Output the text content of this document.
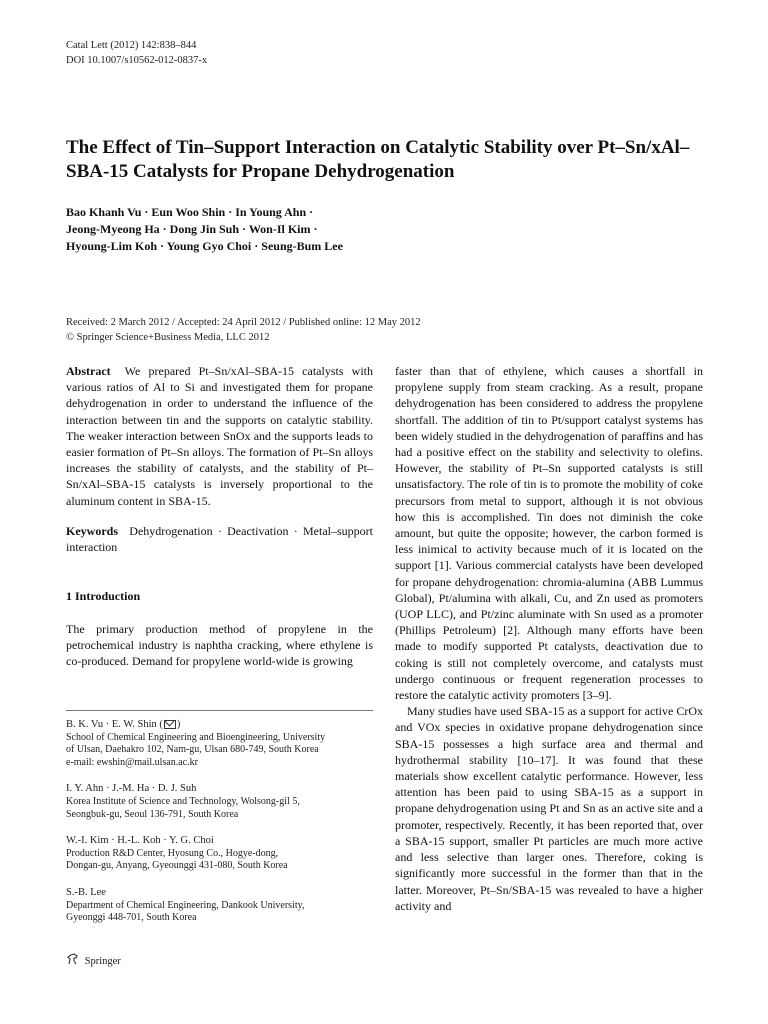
Catal Lett (2012) 142:838–844
DOI 10.1007/s10562-012-0837-x
The Effect of Tin–Support Interaction on Catalytic Stability over Pt–Sn/xAl–SBA-15 Catalysts for Propane Dehydrogenation
Bao Khanh Vu · Eun Woo Shin · In Young Ahn ·
Jeong-Myeong Ha · Dong Jin Suh · Won-Il Kim ·
Hyoung-Lim Koh · Young Gyo Choi · Seung-Bum Lee
Received: 2 March 2012 / Accepted: 24 April 2012 / Published online: 12 May 2012
© Springer Science+Business Media, LLC 2012
Abstract We prepared Pt–Sn/xAl–SBA-15 catalysts with various ratios of Al to Si and investigated them for propane dehydrogenation in order to understand the influence of the interaction between tin and the supports on catalytic stability. The weaker interaction between SnOx and the supports leads to easier formation of Pt–Sn alloys. The formation of Pt–Sn alloys increases the stability of catalysts, and the stability of Pt–Sn/xAl–SBA-15 catalysts is inversely proportional to the aluminum content in SBA-15.
Keywords Dehydrogenation · Deactivation · Metal–support interaction
1 Introduction
The primary production method of propylene in the petrochemical industry is naphtha cracking, where ethylene is co-produced. Demand for propylene world-wide is growing
B. K. Vu · E. W. Shin ( )
School of Chemical Engineering and Bioengineering, University
of Ulsan, Daehakro 102, Nam-gu, Ulsan 680-749, South Korea
e-mail: ewshin@mail.ulsan.ac.kr
I. Y. Ahn · J.-M. Ha · D. J. Suh
Korea Institute of Science and Technology, Wolsong-gil 5,
Seongbuk-gu, Seoul 136-791, South Korea
W.-I. Kim · H.-L. Koh · Y. G. Choi
Production R&D Center, Hyosung Co., Hogye-dong,
Dongan-gu, Anyang, Gyeounggi 431-080, South Korea
S.-B. Lee
Department of Chemical Engineering, Dankook University,
Gyeonggi 448-701, South Korea
faster than that of ethylene, which causes a shortfall in propylene supply from steam cracking. As a result, propane dehydrogenation has been considered to address the propylene shortfall. The addition of tin to Pt/support catalyst systems has been widely studied in the dehydrogenation of paraffins and has had a positive effect on the stability and selectivity to olefins. However, the stability of Pt–Sn supported catalysts is still unsatisfactory. The role of tin is to promote the mobility of coke precursors from metal to support, although it is not obvious how this is accomplished. Tin does not diminish the coke amount, but quite the opposite; however, the carbon formed is less inimical to activity because much of it is located on the support [1]. Various commercial catalysts have been developed for propane dehydrogenation: chromia-alumina (ABB Lummus Global), Pt/alumina with alkali, Cu, and Zn used as promoters (UOP LLC), and Pt/zinc aluminate with Sn used as a promoter (Phillips Petroleum) [2]. Although many efforts have been made to modify supported Pt catalysts, deactivation due to coking is still not completely overcome, and catalysts must undergo continuous or frequent regeneration processes to restore the catalytic activity promoters [3–9].
Many studies have used SBA-15 as a support for active CrOx and VOx species in oxidative propane dehydrogenation since SBA-15 possesses a high surface area and thermal and hydrothermal stability [10–17]. It was found that these materials show excellent catalytic performance. However, less attention has been paid to using SBA-15 as a support in propane dehydrogenation using Pt and Sn as an active site and a promoter, respectively. Recently, it has been reported that, over a SBA-15 support, smaller Pt particles are much more active and less selective than larger ones. Therefore, coking is significantly more successful in the former than that in the latter. Moreover, Pt–Sn/SBA-15 was revealed to have a higher activity and
Springer
